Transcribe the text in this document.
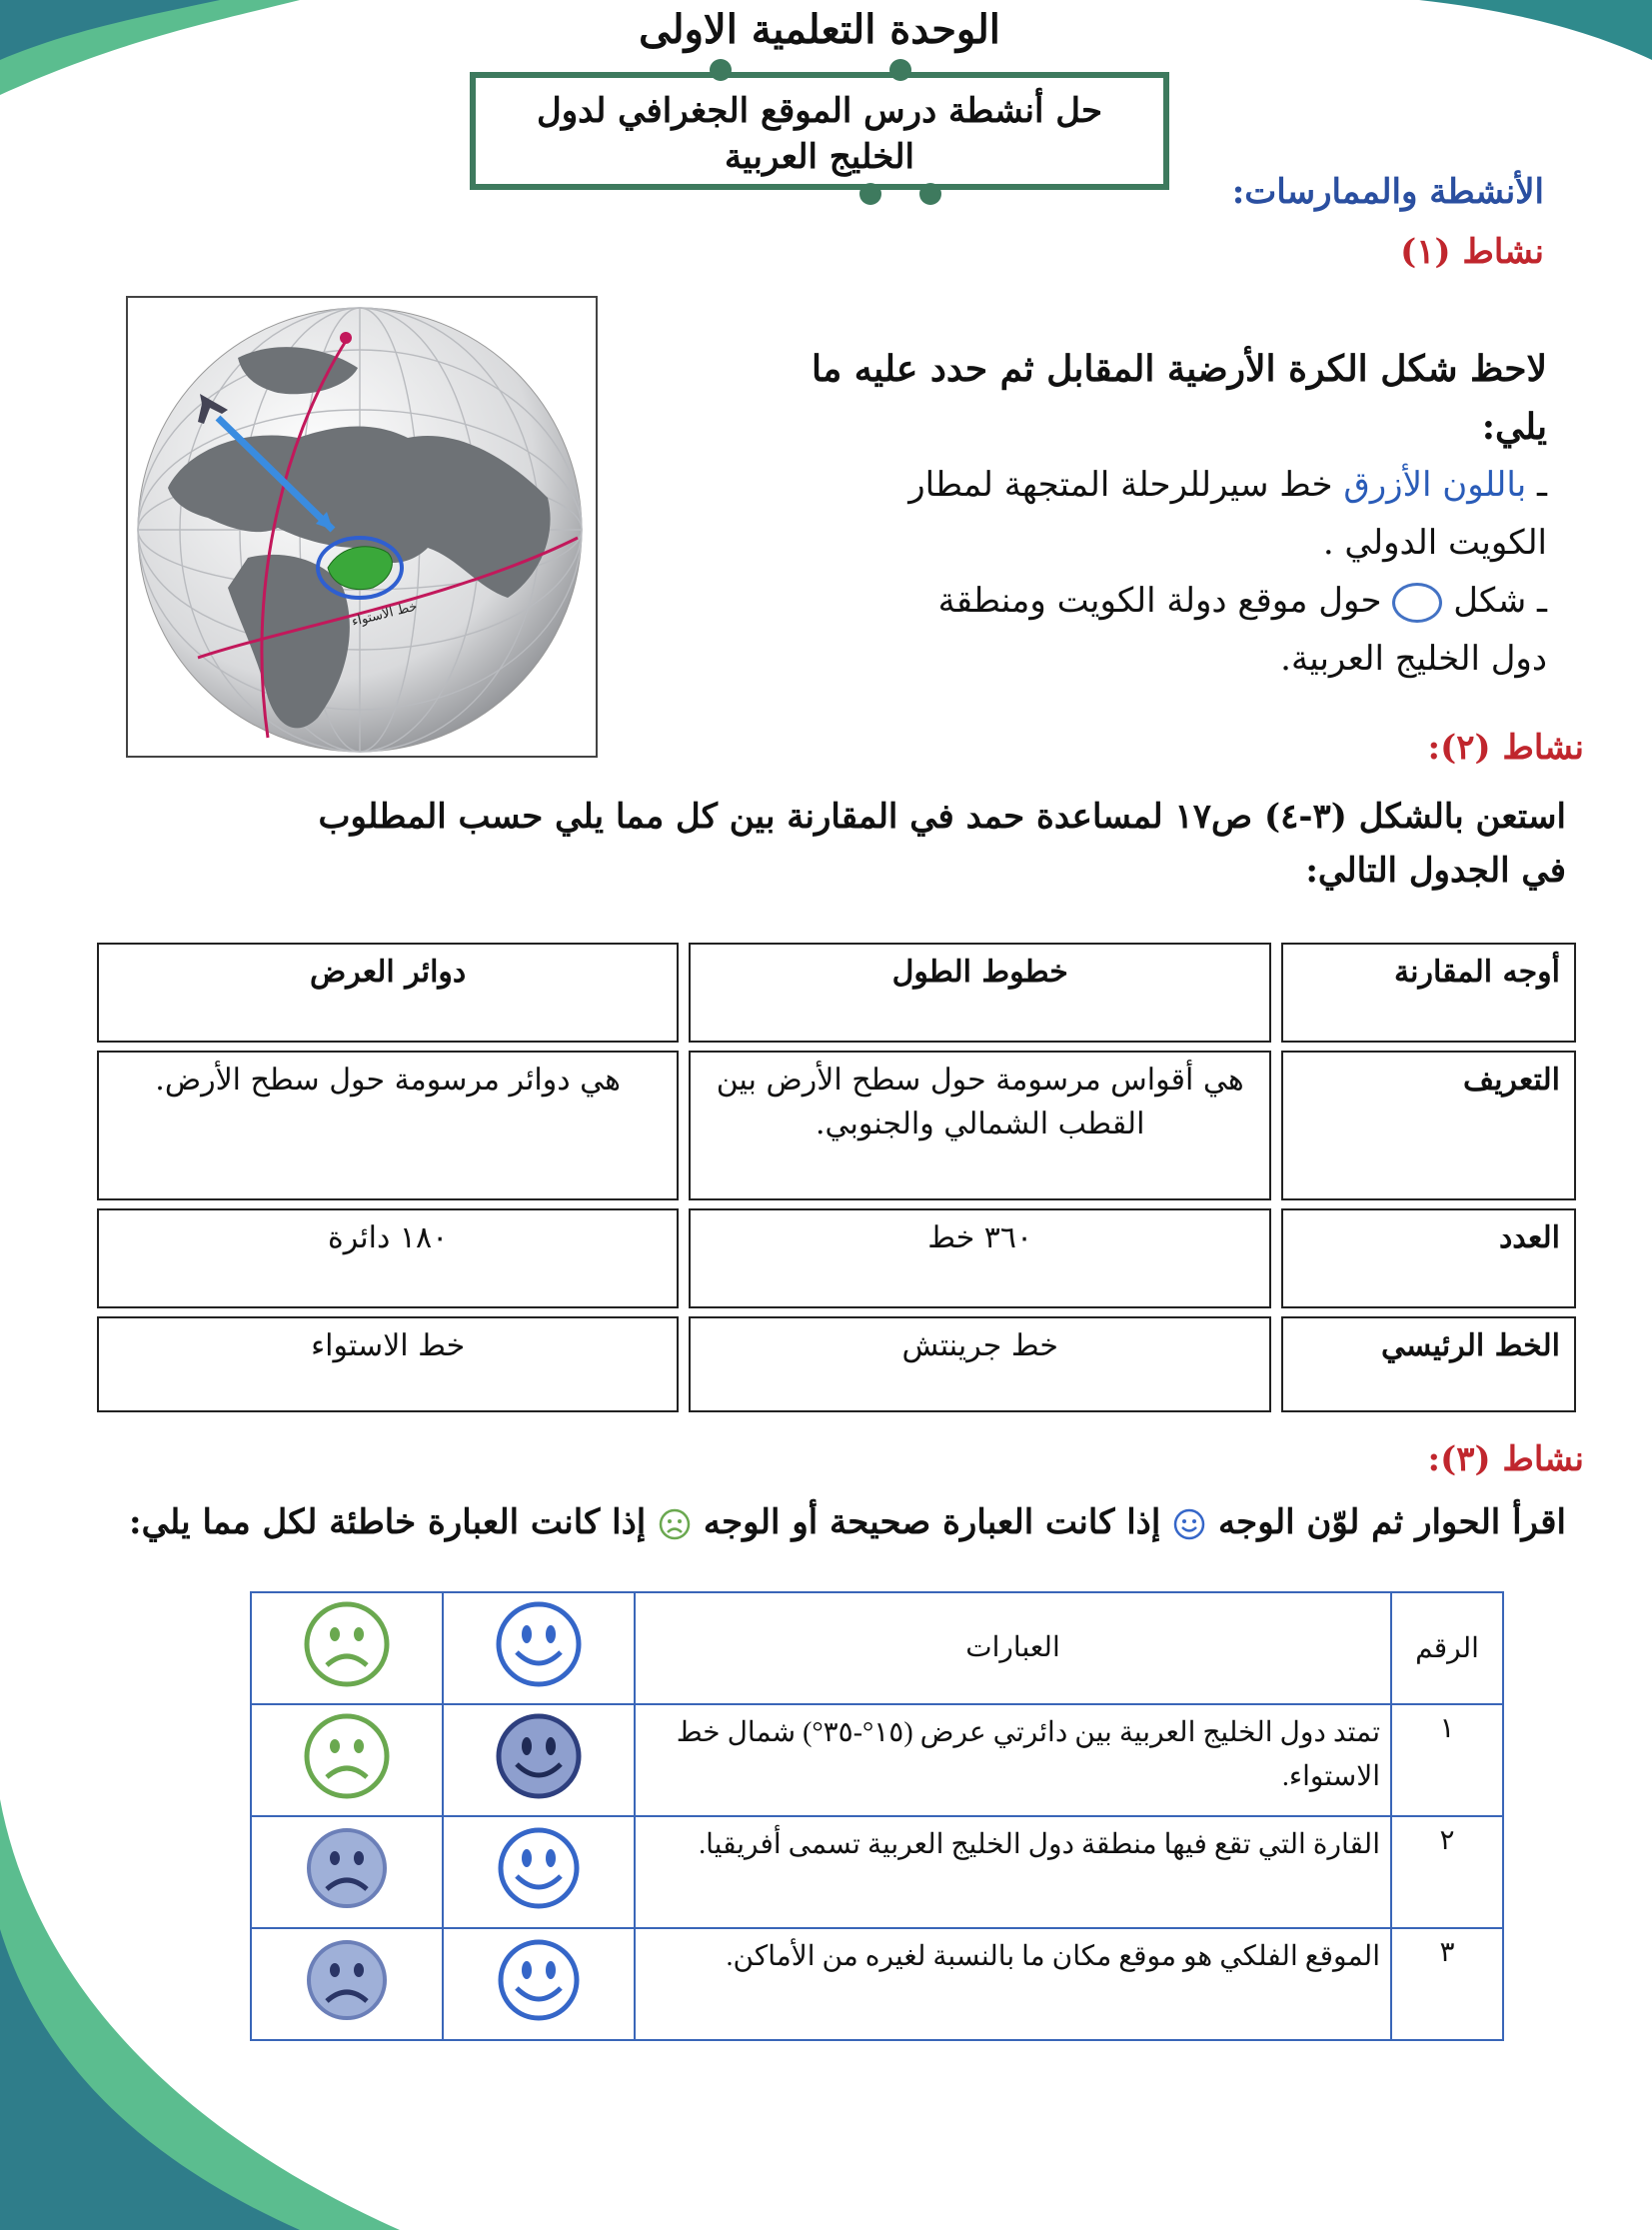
الوحدة التعلمية الاولى
حل أنشطة درس الموقع الجغرافي لدول
الخليج العربية
الأنشطة والممارسات:
نشاط (١)
خط الاستواء
لاحظ شكل الكرة الأرضية المقابل ثم حدد عليه ما يلي:
ـ باللون الأزرق خط سيرللرحلة المتجهة لمطار
الكويت الدولي .
ـ شكل  حول موقع دولة الكويت ومنطقة
دول الخليج العربية.
:نشاط (٢)
استعن بالشكل (٣-٤) ص١٧ لمساعدة حمد في المقارنة بين كل مما يلي حسب المطلوب
في الجدول التالي:
أوجه المقارنة	خطوط الطول	دوائر العرض
التعريف	هي أقواس مرسومة حول سطح الأرض بين القطب الشمالي والجنوبي.	هي دوائر مرسومة حول سطح الأرض.
العدد	٣٦٠ خط	١٨٠ دائرة
الخط الرئيسي	خط جرينتش	خط الاستواء
:نشاط (٣)
اقرأ الحوار ثم لوّن الوجه  إذا كانت العبارة صحيحة أو الوجه  إذا كانت العبارة خاطئة لكل مما يلي:
الرقم	العبارات		
١	تمتد دول الخليج العربية بين دائرتي عرض (١٥°-٣٥°) شمال خط الاستواء.		
٢	القارة التي تقع فيها منطقة دول الخليج العربية تسمى أفريقيا.		
٣	الموقع الفلكي هو موقع مكان ما بالنسبة لغيره من الأماكن.		
